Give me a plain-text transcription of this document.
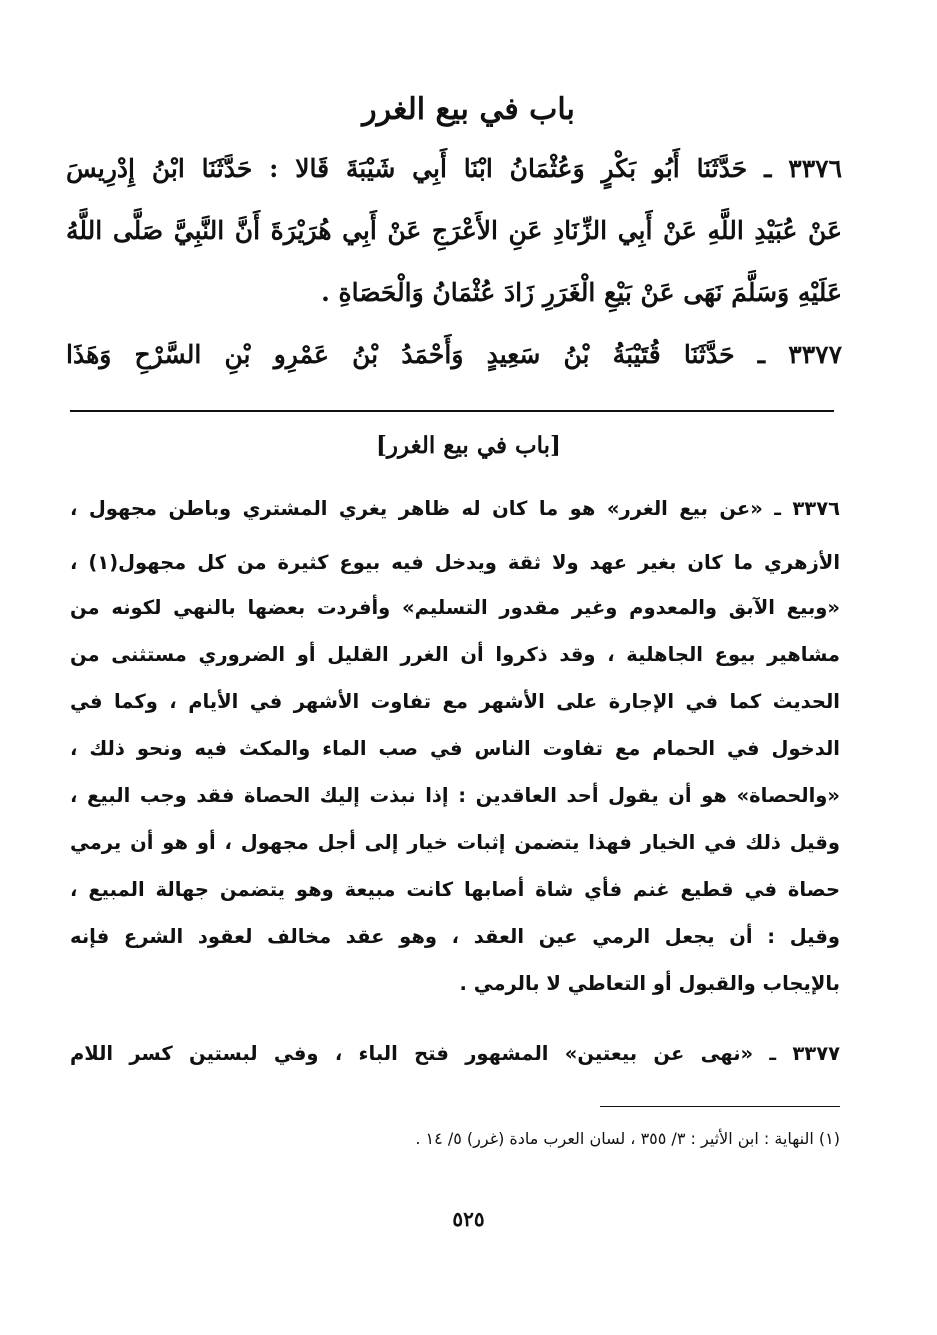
باب في بيع الغرر
٣٣٧٦ ـ حَدَّثَنَا أَبُو بَكْرٍ وَعُثْمَانُ ابْنَا أَبِي شَيْبَةَ قَالا : حَدَّثَنَا ابْنُ إِدْرِيسَ
عَنْ عُبَيْدِ اللَّهِ عَنْ أَبِي الزِّنَادِ عَنِ الأَعْرَجِ عَنْ أَبِي هُرَيْرَةَ أَنَّ النَّبِيَّ صَلَّى اللَّهُ
عَلَيْهِ وَسَلَّمَ نَهَى عَنْ بَيْعِ الْغَرَرِ زَادَ عُثْمَانُ وَالْحَصَاةِ .
٣٣٧٧ ـ حَدَّثَنَا قُتَيْبَةُ بْنُ سَعِيدٍ وَأَحْمَدُ بْنُ عَمْرِو بْنِ السَّرْحِ وَهَذَا
[باب في بيع الغرر]
٣٣٧٦ ـ «عن بيع الغرر» هو ما كان له ظاهر يغري المشتري وباطن مجهول ،
الأزهري ما كان بغير عهد ولا ثقة ويدخل فيه بيوع كثيرة من كل مجهول(١) ،
«وبيع الآبق والمعدوم وغير مقدور التسليم» وأفردت بعضها بالنهي لكونه من
مشاهير بيوع الجاهلية ، وقد ذكروا أن الغرر القليل أو الضروري مستثنى من
الحديث كما في الإجارة على الأشهر مع تفاوت الأشهر في الأيام ، وكما في
الدخول في الحمام مع تفاوت الناس في صب الماء والمكث فيه ونحو ذلك ،
«والحصاة» هو أن يقول أحد العاقدين : إذا نبذت إليك الحصاة فقد وجب البيع ،
وقيل ذلك في الخيار فهذا يتضمن إثبات خيار إلى أجل مجهول ، أو هو أن يرمي
حصاة في قطيع غنم فأي شاة أصابها كانت مبيعة وهو يتضمن جهالة المبيع ،
وقيل : أن يجعل الرمي عين العقد ، وهو عقد مخالف لعقود الشرع فإنه
بالإيجاب والقبول أو التعاطي لا بالرمي .
٣٣٧٧ ـ «نهى عن بيعتين» المشهور فتح الباء ، وفي لبستين كسر اللام
(١) النهاية : ابن الأثير : ٣/ ٣٥٥ ، لسان العرب مادة (غرر) ٥/ ١٤ .
٥٢٥
